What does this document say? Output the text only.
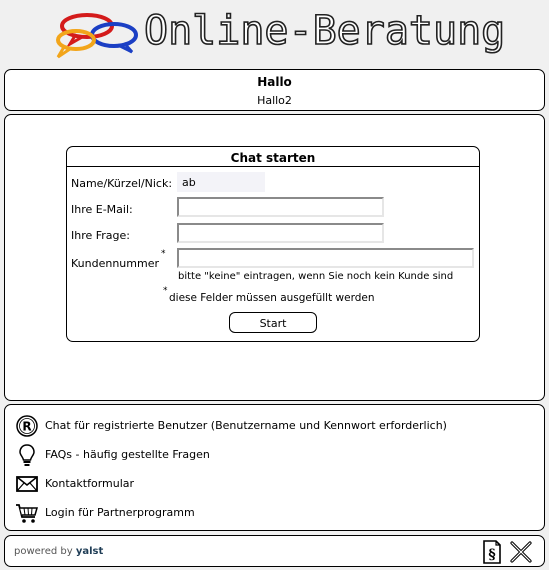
Online-Beratung
Hallo
Hallo2
Chat starten
Name/Kürzel/Nick:
ab
Ihre E-Mail:
Ihre Frage:
Kundennummer
*
bitte "keine" eintragen, wenn Sie noch kein Kunde sind
*
diese Felder müssen ausgefüllt werden
Start
R Chat für registrierte Benutzer (Benutzername und Kennwort erforderlich)
FAQs - häufig gestellte Fragen
Kontaktformular
Login für Partnerprogramm
powered by yalst	§
